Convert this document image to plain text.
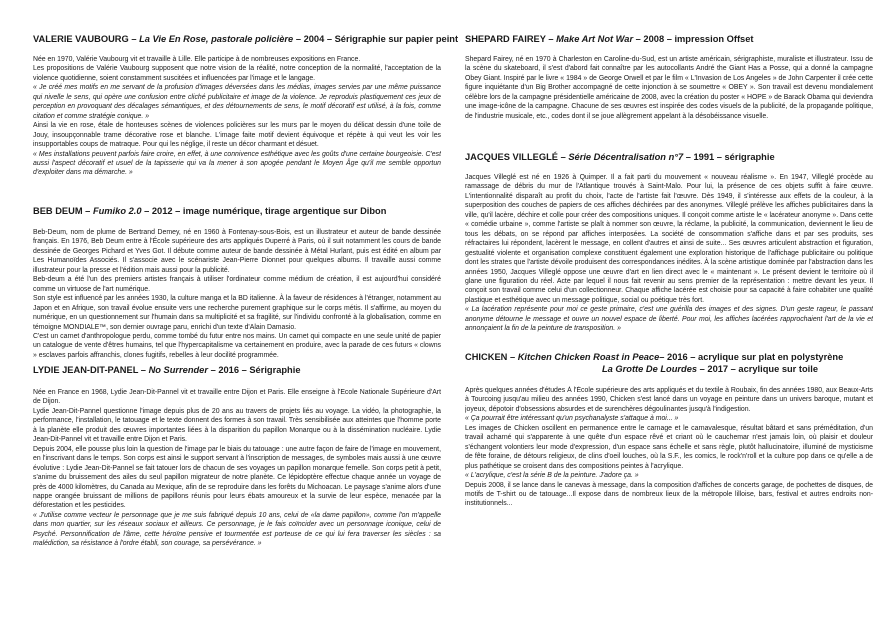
VALERIE VAUBOURG – La Vie En Rose, pastorale policière – 2004 – Sérigraphie sur papier peint

Née en 1970, Valérie Vaubourg vit et travaille à Lille. Elle participe à de nombreuses expositions en France.

Les propositions de Valérie Vaubourg supposent que notre vision de la réalité, notre conception de la normalité, l'acceptation de la violence quotidienne, soient constamment suscitées et influencées par l'image et le langage.

« Je créé mes motifs en me servant de la profusion d'images déversées dans les médias, images servies par une même puissance qui nivelle le sens, qui opère une confusion entre cliché publicitaire et image de la violence. Je reproduis plastiquement ces jeux de perception en provoquant des décalages sémantiques, et des détournements de sens, le motif décoratif est utilisé, à la fois, comme citation et comme stratégie conique. »

Ainsi la vie en rose, étale de honteuses scènes de violences policières sur les murs par le moyen du délicat dessin d'une toile de Jouy, insoupçonnable trame décorative rose et blanche. L'image faite motif devient équivoque et répète à qui veut les voir les insupportables coups de matraque. Pour qui les néglige, il reste un décor charmant et désuet.

« Mes installations peuvent parfois faire croire, en effet, à une connivence esthétique avec les goûts d'une certaine bourgeoisie. C'est aussi l'aspect décoratif et usuel de la tapisserie qui va la mener à son apogée pendant le Moyen Âge qu'il me semble opportun d'exploiter dans ma démarche. »

BEB DEUM – Fumiko 2.0 – 2012 – image numérique, tirage argentique sur Dibon

Beb-Deum, nom de plume de Bertrand Demey, né en 1960 à Fontenay-sous-Bois, est un illustrateur et auteur de bande dessinée français. En 1976, Beb Deum entre à l'École supérieure des arts appliqués Duperré à Paris, où il suit notamment les cours de bande dessinée de Georges Pichard et Yves Got. Il débute comme auteur de bande dessinée à Métal Hurlant, puis est édité en album par Les Humanoïdes Associés. Il s'associe avec le scénariste Jean-Pierre Dionnet pour quelques albums. Il travaille aussi comme illustrateur pour la presse et l'édition mais aussi pour la publicité.

Beb-deum a été l'un des premiers artistes français à utiliser l'ordinateur comme médium de création, il est aujourd'hui considéré comme un virtuose de l'art numérique.

Son style est influencé par les années 1930, la culture manga et la BD italienne. À la faveur de résidences à l'étranger, notamment au Japon et en Afrique, son travail évolue ensuite vers une recherche purement graphique sur le corps métis. Il s'affirme, au moyen du numérique, en un questionnement sur l'humain dans sa multiplicité et sa fragilité, sur l'individu confronté à la globalisation, comme en témoigne MONDIALE™, son dernier ouvrage paru, enrichi d'un texte d'Alain Damasio.

C'est un carnet d'anthropologue perdu, comme tombé du futur entre nos mains. Un carnet qui compacte en une seule unité de papier un catalogue de vente d'êtres humains, tel que l'hypercapitalisme va certainement en produire, avec la parade de ces futurs « clowns » esclaves parfois affranchis, clones fugitifs, rebelles à leur docilité programmée.

LYDIE JEAN-DIT-PANEL – No Surrender – 2016 – Sérigraphie

Née en France en 1968, Lydie Jean-Dit-Pannel vit et travaille entre Dijon et Paris. Elle enseigne à l'Ecole Nationale Supérieure d'Art de Dijon.

Lydie Jean-Dit-Pannel questionne l'image depuis plus de 20 ans au travers de projets liés au voyage. La vidéo, la photographie, la performance, l'installation, le tatouage et le texte donnent des formes à son travail. Très sensibilisée aux atteintes que l'homme porte à la planète elle produit des œuvres importantes liées à la disparition du papillon Monarque ou à la dissémination nucléaire. Lydie Jean-Dit-Pannel vit et travaille entre Dijon et Paris.

Depuis 2004, elle pousse plus loin la question de l'image par le biais du tatouage : une autre façon de faire de l'image en mouvement, en l'inscrivant dans le temps. Son corps est ainsi le support servant à l'inscription de messages, de symboles mais aussi à une œuvre évolutive : Lydie Jean-Dit-Pannel se fait tatouer lors de chacun de ses voyages un papillon monarque femelle. Son corps petit à petit, s'anime du bruissement des ailes du seul papillon migrateur de notre planète. Ce lépidoptère effectue chaque année un voyage de près de 4000 kilomètres, du Canada au Mexique, afin de se reproduire dans les forêts du Michoacan. Le paysage s'anime alors d'une nappe orangée bruissant de millions de papillons réunis pour leurs ébats amoureux et la survie de leur espèce, menacée par la déforestation et les pesticides.

« J'utilise comme vecteur le personnage que je me suis fabriqué depuis 10 ans, celui de «la dame papillon», comme l'on m'appelle dans mon quartier, sur les réseaux sociaux et ailleurs. Ce personnage, je le fais coïncider avec un personnage iconique, celui de Psyché. Personnification de l'âme, cette héroïne pensive et tourmentée est porteuse de ce qui lui fera traverser les siècles : sa malédiction, sa résistance à l'ordre établi, son courage, sa persévérance. »

SHEPARD FAIREY – Make Art Not War – 2008 – impression Offset

Shepard Fairey, né en 1970 à Charleston en Caroline-du-Sud, est un artiste américain, sérigraphiste, muraliste et illustrateur. Issu de la scène du skateboard, il s'est d'abord fait connaître par les autocollants André the Giant Has a Posse, qui a donné la campagne Obey Giant. Inspiré par le livre « 1984 » de George Orwell et par le film « L'Invasion de Los Angeles » de John Carpenter il crée cette figure inquiétante d'un Big Brother accompagné de cette injonction à se soumettre « OBEY ». Son travail est devenu mondialement célèbre lors de la campagne présidentielle américaine de 2008, avec la création du poster « HOPE » de Barack Obama qui deviendra une image-icône de la campagne. Chacune de ses œuvres est inspirée des codes visuels de la publicité, de la propagande politique, de l'industrie musicale, etc., codes dont il se joue allègrement appelant à la désobéissance visuelle.

JACQUES VILLEGLÉ – Série Décentralisation n°7 – 1991 – sérigraphie

Jacques Villeglé est né en 1926 à Quimper. Il a fait parti du mouvement « nouveau réalisme ». En 1947, Villeglé procède au ramassage de débris du mur de l'Atlantique trouvés à Saint-Malo. Pour lui, la présence de ces objets suffit à faire œuvre. L'intentionnalité disparaît au profit du choix, l'acte de l'artiste fait l'œuvre. Dès 1949, il s'intéresse aux effets de la couleur, à la superposition des couches de papiers de ces affiches déchirées par des anonymes. Villeglé prélève les affiches publicitaires dans la ville, qu'il lacère, déchire et colle pour créer des compositions uniques. Il conçoit comme artiste le « lacérateur anonyme ». Dans cette « comédie urbaine », comme l'artiste se plaît à nommer son œuvre, la réclame, la publicité, la communication, deviennent le lieu de tous les débats, on se répond par affiches interposées. La société de consommation s'affiche dans et par ses produits, ses réfractaires lui répondent, lacèrent le message, en collent d'autres et ainsi de suite... Ses œuvres articulent abstraction et figuration, gestualité violente et organisation complexe constituent également une exploration historique de l'affichage publicitaire ou politique dont les strates que l'artiste dévoile produisent des correspondances inédites. À la scène artistique dominée par l'abstraction dans les années 1950, Jacques Villeglé oppose une œuvre d'art en lien direct avec le « maintenant ». Le présent devient le territoire où il glane une figuration du réel. Acte par lequel il nous fait revenir au sens premier de la représentation : mettre devant les yeux. Il conçoit son travail comme celui d'un collectionneur. Chaque affiche lacérée est choisie pour sa capacité à faire cohabiter une qualité plastique et esthétique avec un message politique, social ou poétique très fort.

« La lacération représente pour moi ce geste primaire, c'est une guérilla des images et des signes. D'un geste rageur, le passant anonyme détourne le message et ouvre un nouvel espace de liberté. Pour moi, les affiches lacérées rapprochaient l'art de la vie et annonçaient la fin de la peinture de transposition. »

CHICKEN – Kitchen Chicken Roast in Peace– 2016 – acrylique sur plat en polystyrène
La Grotte De Lourdes – 2017 – acrylique sur toile

Après quelques années d'études À l'École supérieure des arts appliqués et du textile à Roubaix, fin des années 1980, aux Beaux-Arts à Tourcoing jusqu'au milieu des années 1990, Chicken s'est lancé dans un voyage en peinture dans un univers baroque, mutant et joyeux, dépotoir d'obsessions absurdes et de surenchères dégoulinantes jusqu'à l'indigestion.

« Ça pourrait être intéressant qu'un psychanalyste s'attaque à moi... »

Les images de Chicken oscillent en permanence entre le carnage et le carnavalesque, résultat bâtard et sans préméditation, d'un travail acharné qui s'apparente à une quête d'un espace rêvé et criant où le cauchemar n'est jamais loin, où plaisir et douleur s'échangent volontiers leur mode d'expression, d'un espace sans échelle et sans règle, plutôt hallucinatoire, illuminé de mysticisme de fête foraine, de détours religieux, de clins d'oeil louches, où la S.F., les comics, le rock'n'roll et la culture pop dans ce qu'elle a de plus pathétique se croisent dans des compositions peintes à l'acrylique.

« L'acrylique, c'est la série B de la peinture. J'adore ça. »

Depuis 2008, il se lance dans le canevas à message, dans la composition d'affiches de concerts garage, de pochettes de disques, de motifs de T-shirt ou de tatouage...Il expose dans de nombreux lieux de la métropole lilloise, bars, festival et autres endroits non-institutionnels...
